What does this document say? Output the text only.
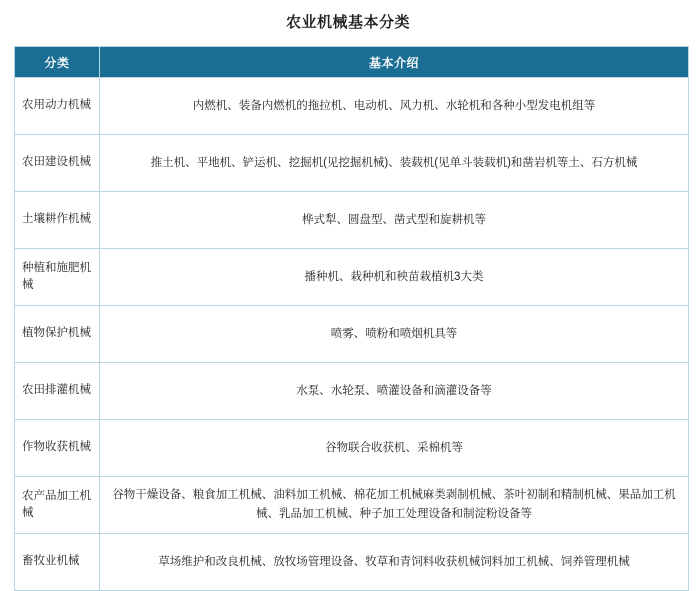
农业机械基本分类
分类	基本介绍
农用动力机械	内燃机、装备内燃机的拖拉机、电动机、风力机、水轮机和各种小型发电机组等
农田建设机械	推土机、平地机、铲运机、挖掘机(见挖掘机械)、装载机(见单斗装载机)和凿岩机等土、石方机械
土壤耕作机械	桦式犁、圆盘型、凿式型和旋耕机等
种植和施肥机械	播种机、栽种机和秧苗栽植机3大类
植物保护机械	喷雾、喷粉和喷烟机具等
农田排灌机械	水泵、水轮泵、喷灌设备和滴灌设备等
作物收获机械	谷物联合收获机、采棉机等
农产品加工机械	谷物干燥设备、粮食加工机械、油料加工机械、棉花加工机械麻类剥制机械、茶叶初制和精制机械、果品加工机械、乳品加工机械、种子加工处理设备和制淀粉设备等
畜牧业机械	草场维护和改良机械、放牧场管理设备、牧草和青饲料收获机械饲料加工机械、饲养管理机械
